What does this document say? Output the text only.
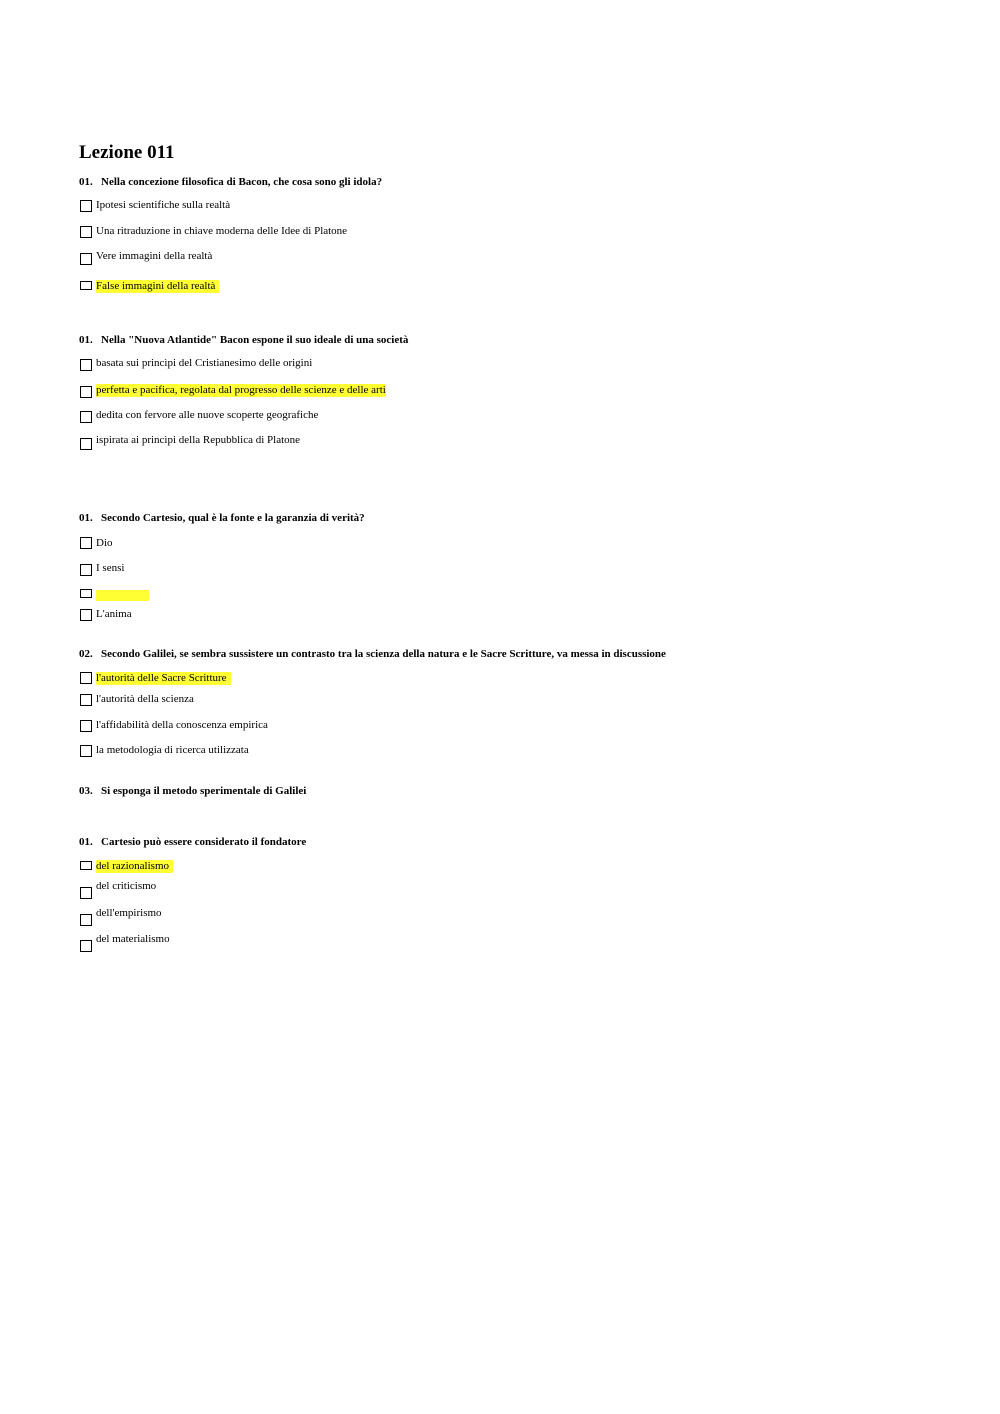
Lezione 011
01. Nella concezione filosofica di Bacon, che cosa sono gli idola?
Ipotesi scientifiche sulla realtà
Una ritraduzione in chiave moderna delle Idee di Platone
Vere immagini della realtà
False immagini della realtà
01. Nella "Nuova Atlantide" Bacon espone il suo ideale di una società
basata sui princìpi del Cristianesimo delle origini
perfetta e pacifica, regolata dal progresso delle scienze e delle arti
dedita con fervore alle nuove scoperte geografiche
ispirata ai princìpi della Repubblica di Platone
01. Secondo Cartesio, qual è la fonte e la garanzia di verità?
Dio
I sensi
L'anima
02. Secondo Galilei, se sembra sussistere un contrasto tra la scienza della natura e le Sacre Scritture, va messa in discussione
l'autorità delle Sacre Scritture
l'autorità della scienza
l'affidabilità della conoscenza empirica
la metodologia di ricerca utilizzata
03. Si esponga il metodo sperimentale di Galilei
01. Cartesio può essere considerato il fondatore
del razionalismo
del criticismo
dell'empirismo
del materialismo
